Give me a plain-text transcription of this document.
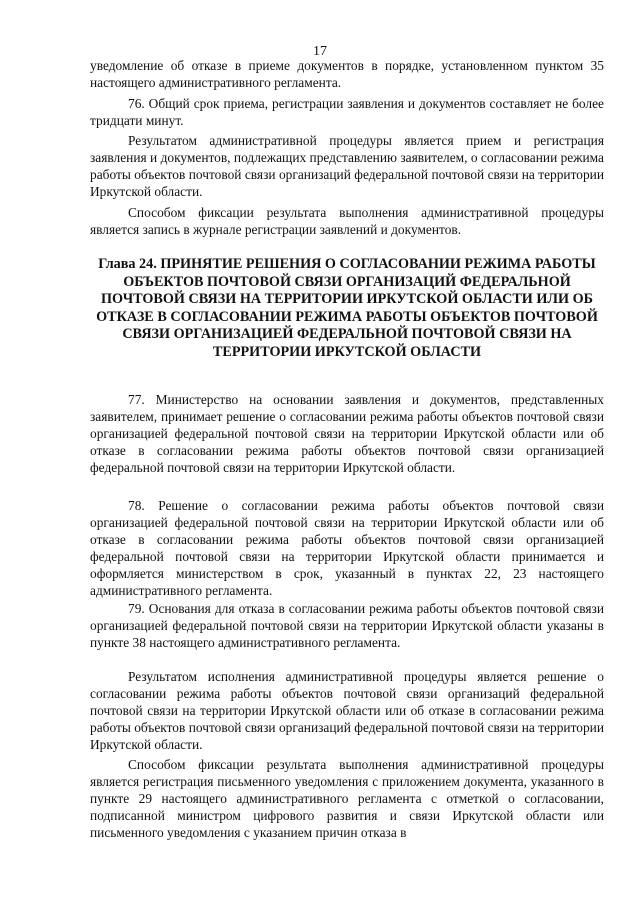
17

уведомление об отказе в приеме документов в порядке, установленном пунктом 35 настоящего административного регламента.

76. Общий срок приема, регистрации заявления и документов составляет не более тридцати минут.

Результатом административной процедуры является прием и регистрация заявления и документов, подлежащих представлению заявителем, о согласовании режима работы объектов почтовой связи организаций федеральной почтовой связи на территории Иркутской области.

Способом фиксации результата выполнения административной процедуры является запись в журнале регистрации заявлений и документов.

Глава 24. ПРИНЯТИЕ РЕШЕНИЯ О СОГЛАСОВАНИИ РЕЖИМА РАБОТЫ ОБЪЕКТОВ ПОЧТОВОЙ СВЯЗИ ОРГАНИЗАЦИЙ ФЕДЕРАЛЬНОЙ ПОЧТОВОЙ СВЯЗИ НА ТЕРРИТОРИИ ИРКУТСКОЙ ОБЛАСТИ ИЛИ ОБ ОТКАЗЕ В СОГЛАСОВАНИИ РЕЖИМА РАБОТЫ ОБЪЕКТОВ ПОЧТОВОЙ СВЯЗИ ОРГАНИЗАЦИЕЙ ФЕДЕРАЛЬНОЙ ПОЧТОВОЙ СВЯЗИ НА ТЕРРИТОРИИ ИРКУТСКОЙ ОБЛАСТИ

77. Министерство на основании заявления и документов, представленных заявителем, принимает решение о согласовании режима работы объектов почтовой связи организацией федеральной почтовой связи на территории Иркутской области или об отказе в согласовании режима работы объектов почтовой связи организацией федеральной почтовой связи на территории Иркутской области.

78. Решение о согласовании режима работы объектов почтовой связи организацией федеральной почтовой связи на территории Иркутской области или об отказе в согласовании режима работы объектов почтовой связи организацией федеральной почтовой связи на территории Иркутской области принимается и оформляется министерством в срок, указанный в пунктах 22, 23 настоящего административного регламента.

79. Основания для отказа в согласовании режима работы объектов почтовой связи организацией федеральной почтовой связи на территории Иркутской области указаны в пункте 38 настоящего административного регламента.

Результатом исполнения административной процедуры является решение о согласовании режима работы объектов почтовой связи организаций федеральной почтовой связи на территории Иркутской области или об отказе в согласовании режима работы объектов почтовой связи организаций федеральной почтовой связи на территории Иркутской области.

Способом фиксации результата выполнения административной процедуры является регистрация письменного уведомления с приложением документа, указанного в пункте 29 настоящего административного регламента с отметкой о согласовании, подписанной министром цифрового развития и связи Иркутской области или письменного уведомления с указанием причин отказа в
